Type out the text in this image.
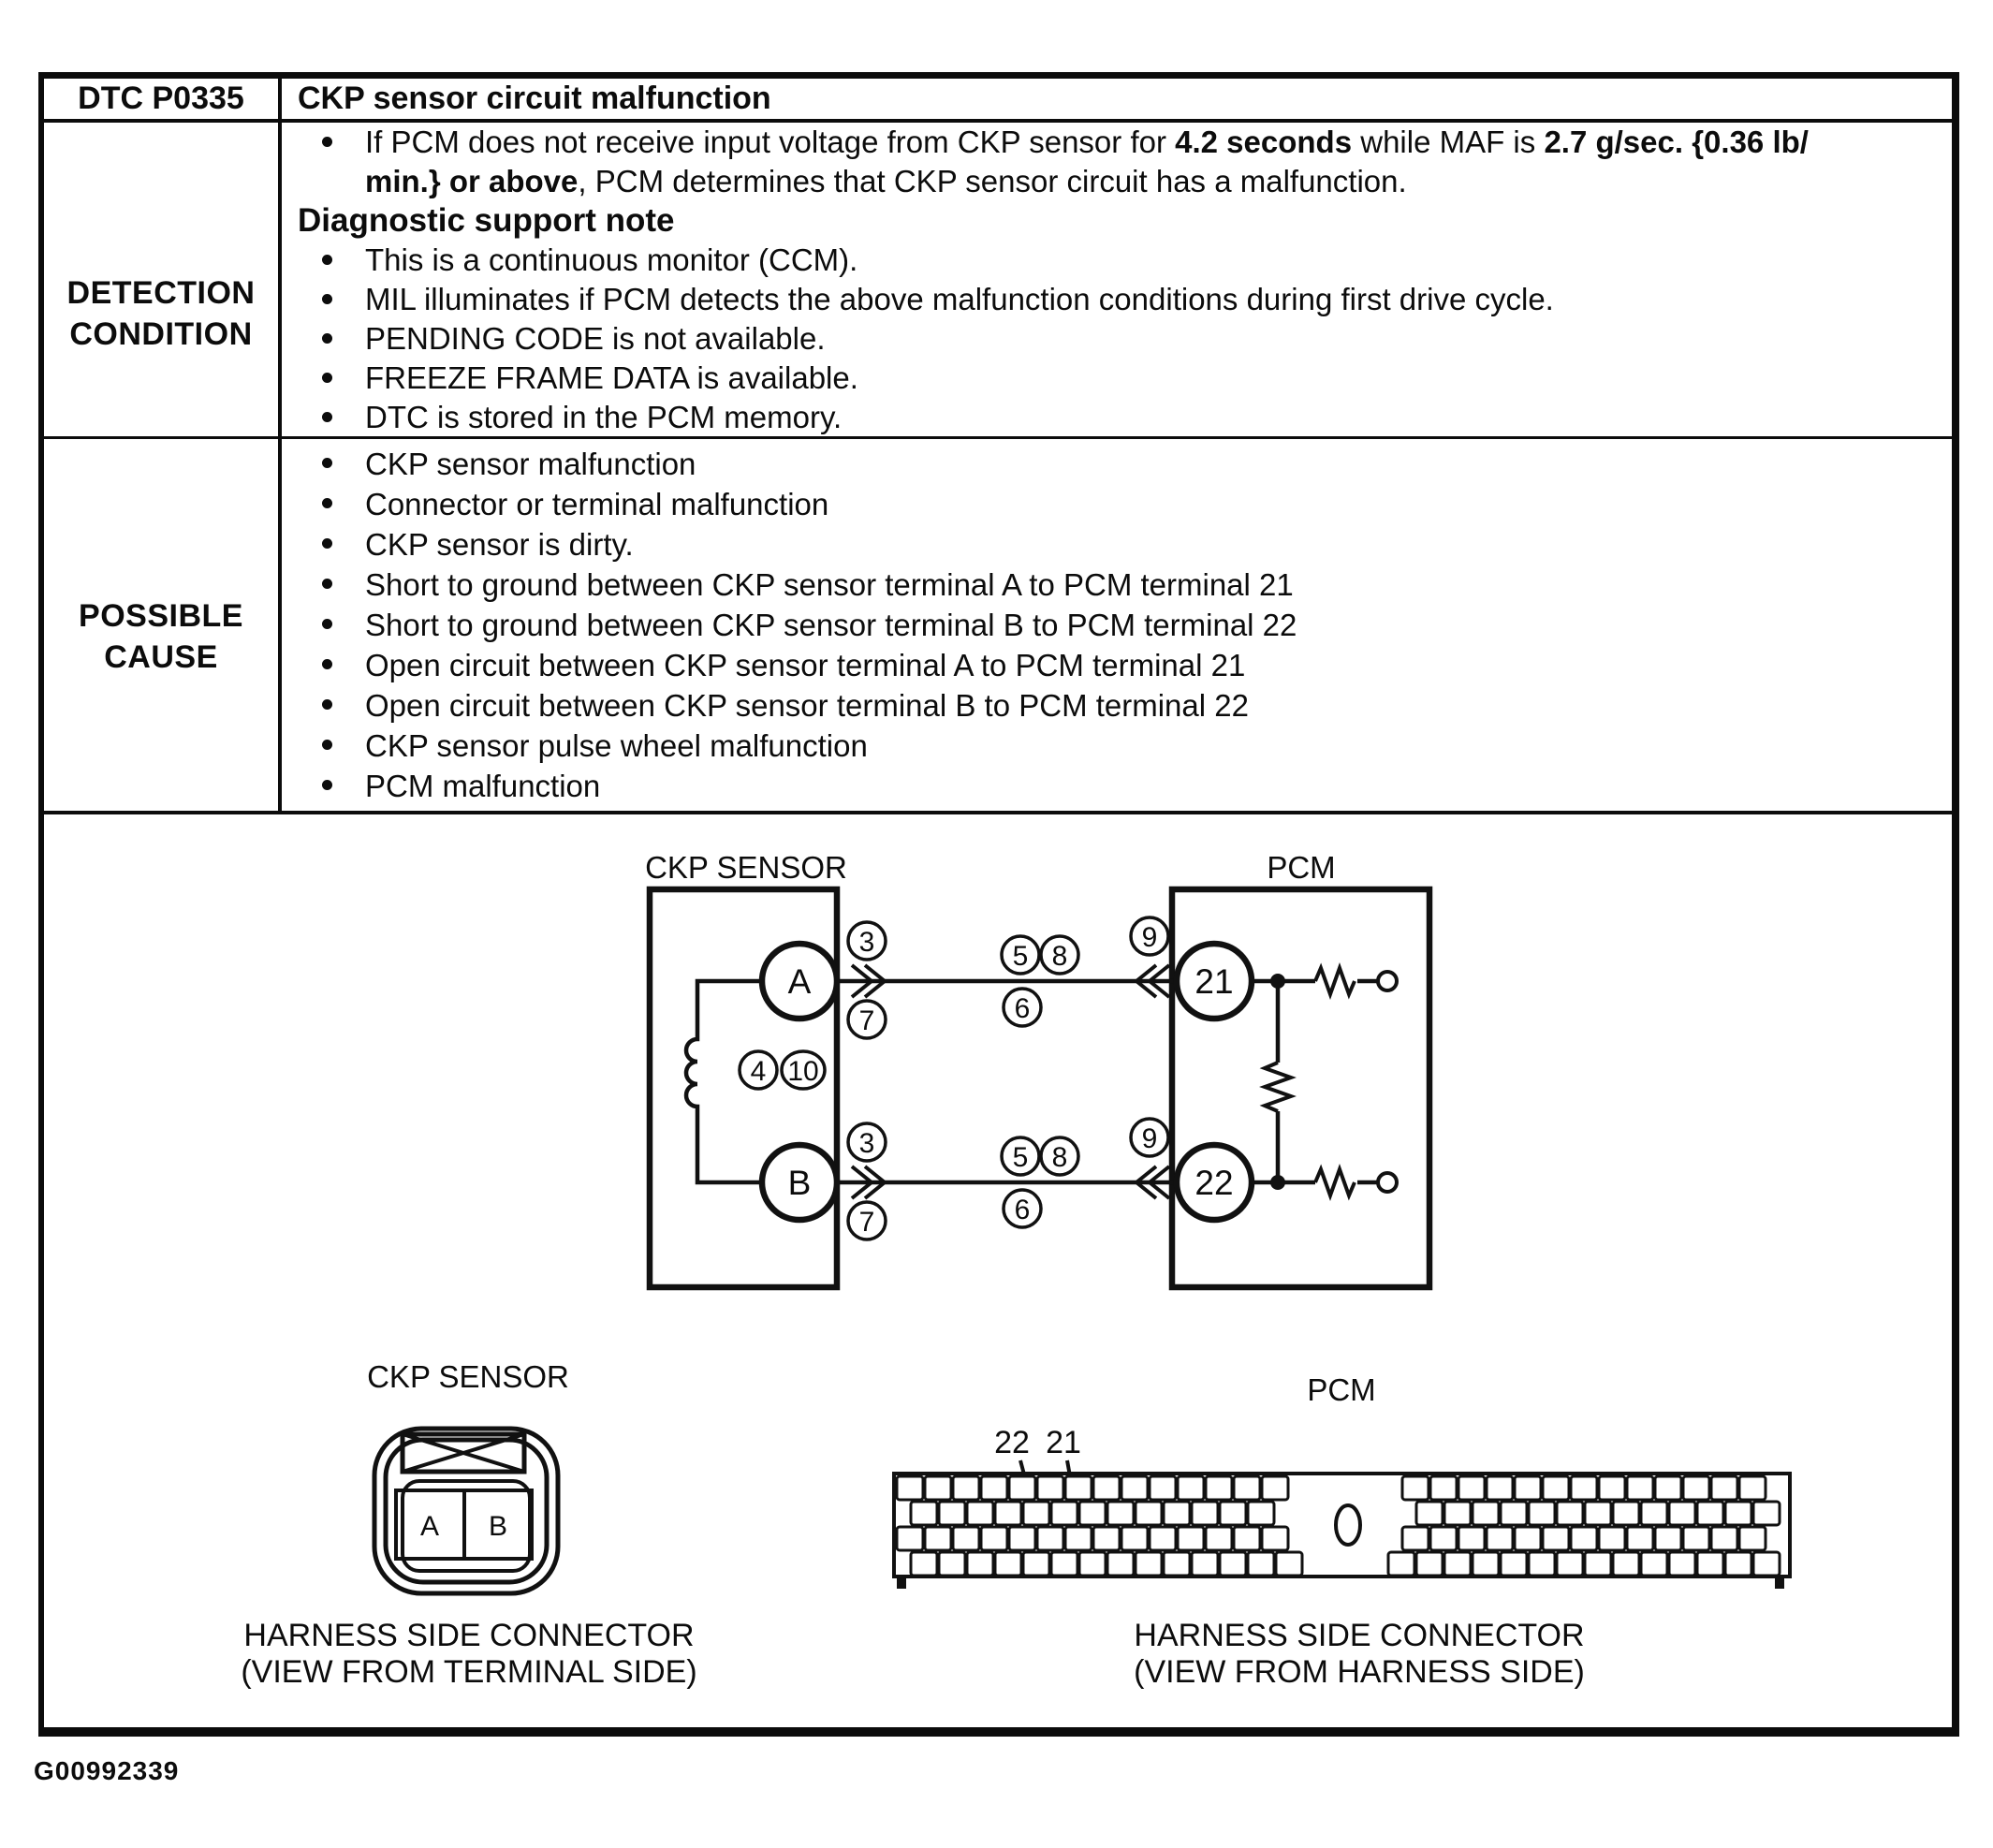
DTC P0335 CKP sensor circuit malfunction
DETECTION
CONDITION
If PCM does not receive input voltage from CKP sensor for 4.2 seconds while MAF is 2.7 g/sec. {0.36 lb/
min.} or above, PCM determines that CKP sensor circuit has a malfunction.
Diagnostic support note
This is a continuous monitor (CCM).
MIL illuminates if PCM detects the above malfunction conditions during first drive cycle.
PENDING CODE is not available.
FREEZE FRAME DATA is available.
DTC is stored in the PCM memory.
POSSIBLE
CAUSE
CKP sensor malfunction
Connector or terminal malfunction
CKP sensor is dirty.
Short to ground between CKP sensor terminal A to PCM terminal 21
Short to ground between CKP sensor terminal B to PCM terminal 22
Open circuit between CKP sensor terminal A to PCM terminal 21
Open circuit between CKP sensor terminal B to PCM terminal 22
CKP sensor pulse wheel malfunction
PCM malfunction
CKP SENSOR	PCM
A
B
21
22
3
7
5 8
6
9
3
7
5 8
6
9
4 10
CKP SENSOR
A B
HARNESS SIDE CONNECTOR
(VIEW FROM TERMINAL SIDE)
PCM
22 21
HARNESS SIDE CONNECTOR
(VIEW FROM HARNESS SIDE)
G00992339
